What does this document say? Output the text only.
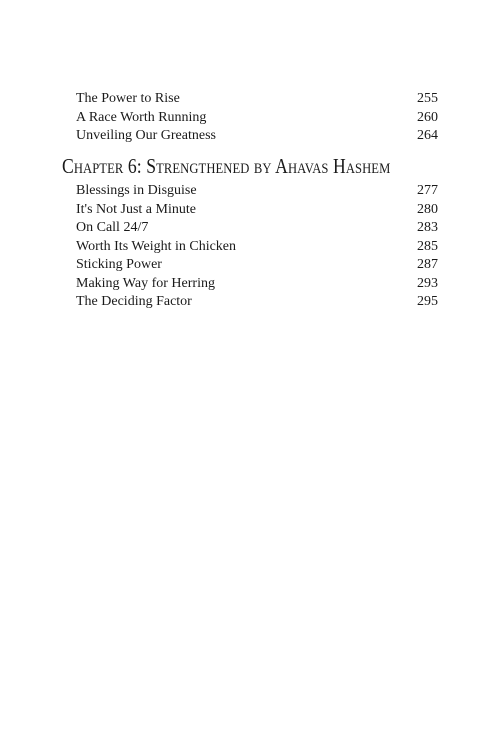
The Power to Rise	255
A Race Worth Running	260
Unveiling Our Greatness	264
Chapter 6: Strengthened by Ahavas Hashem
Blessings in Disguise	277
It's Not Just a Minute	280
On Call 24/7	283
Worth Its Weight in Chicken	285
Sticking Power	287
Making Way for Herring	293
The Deciding Factor	295
